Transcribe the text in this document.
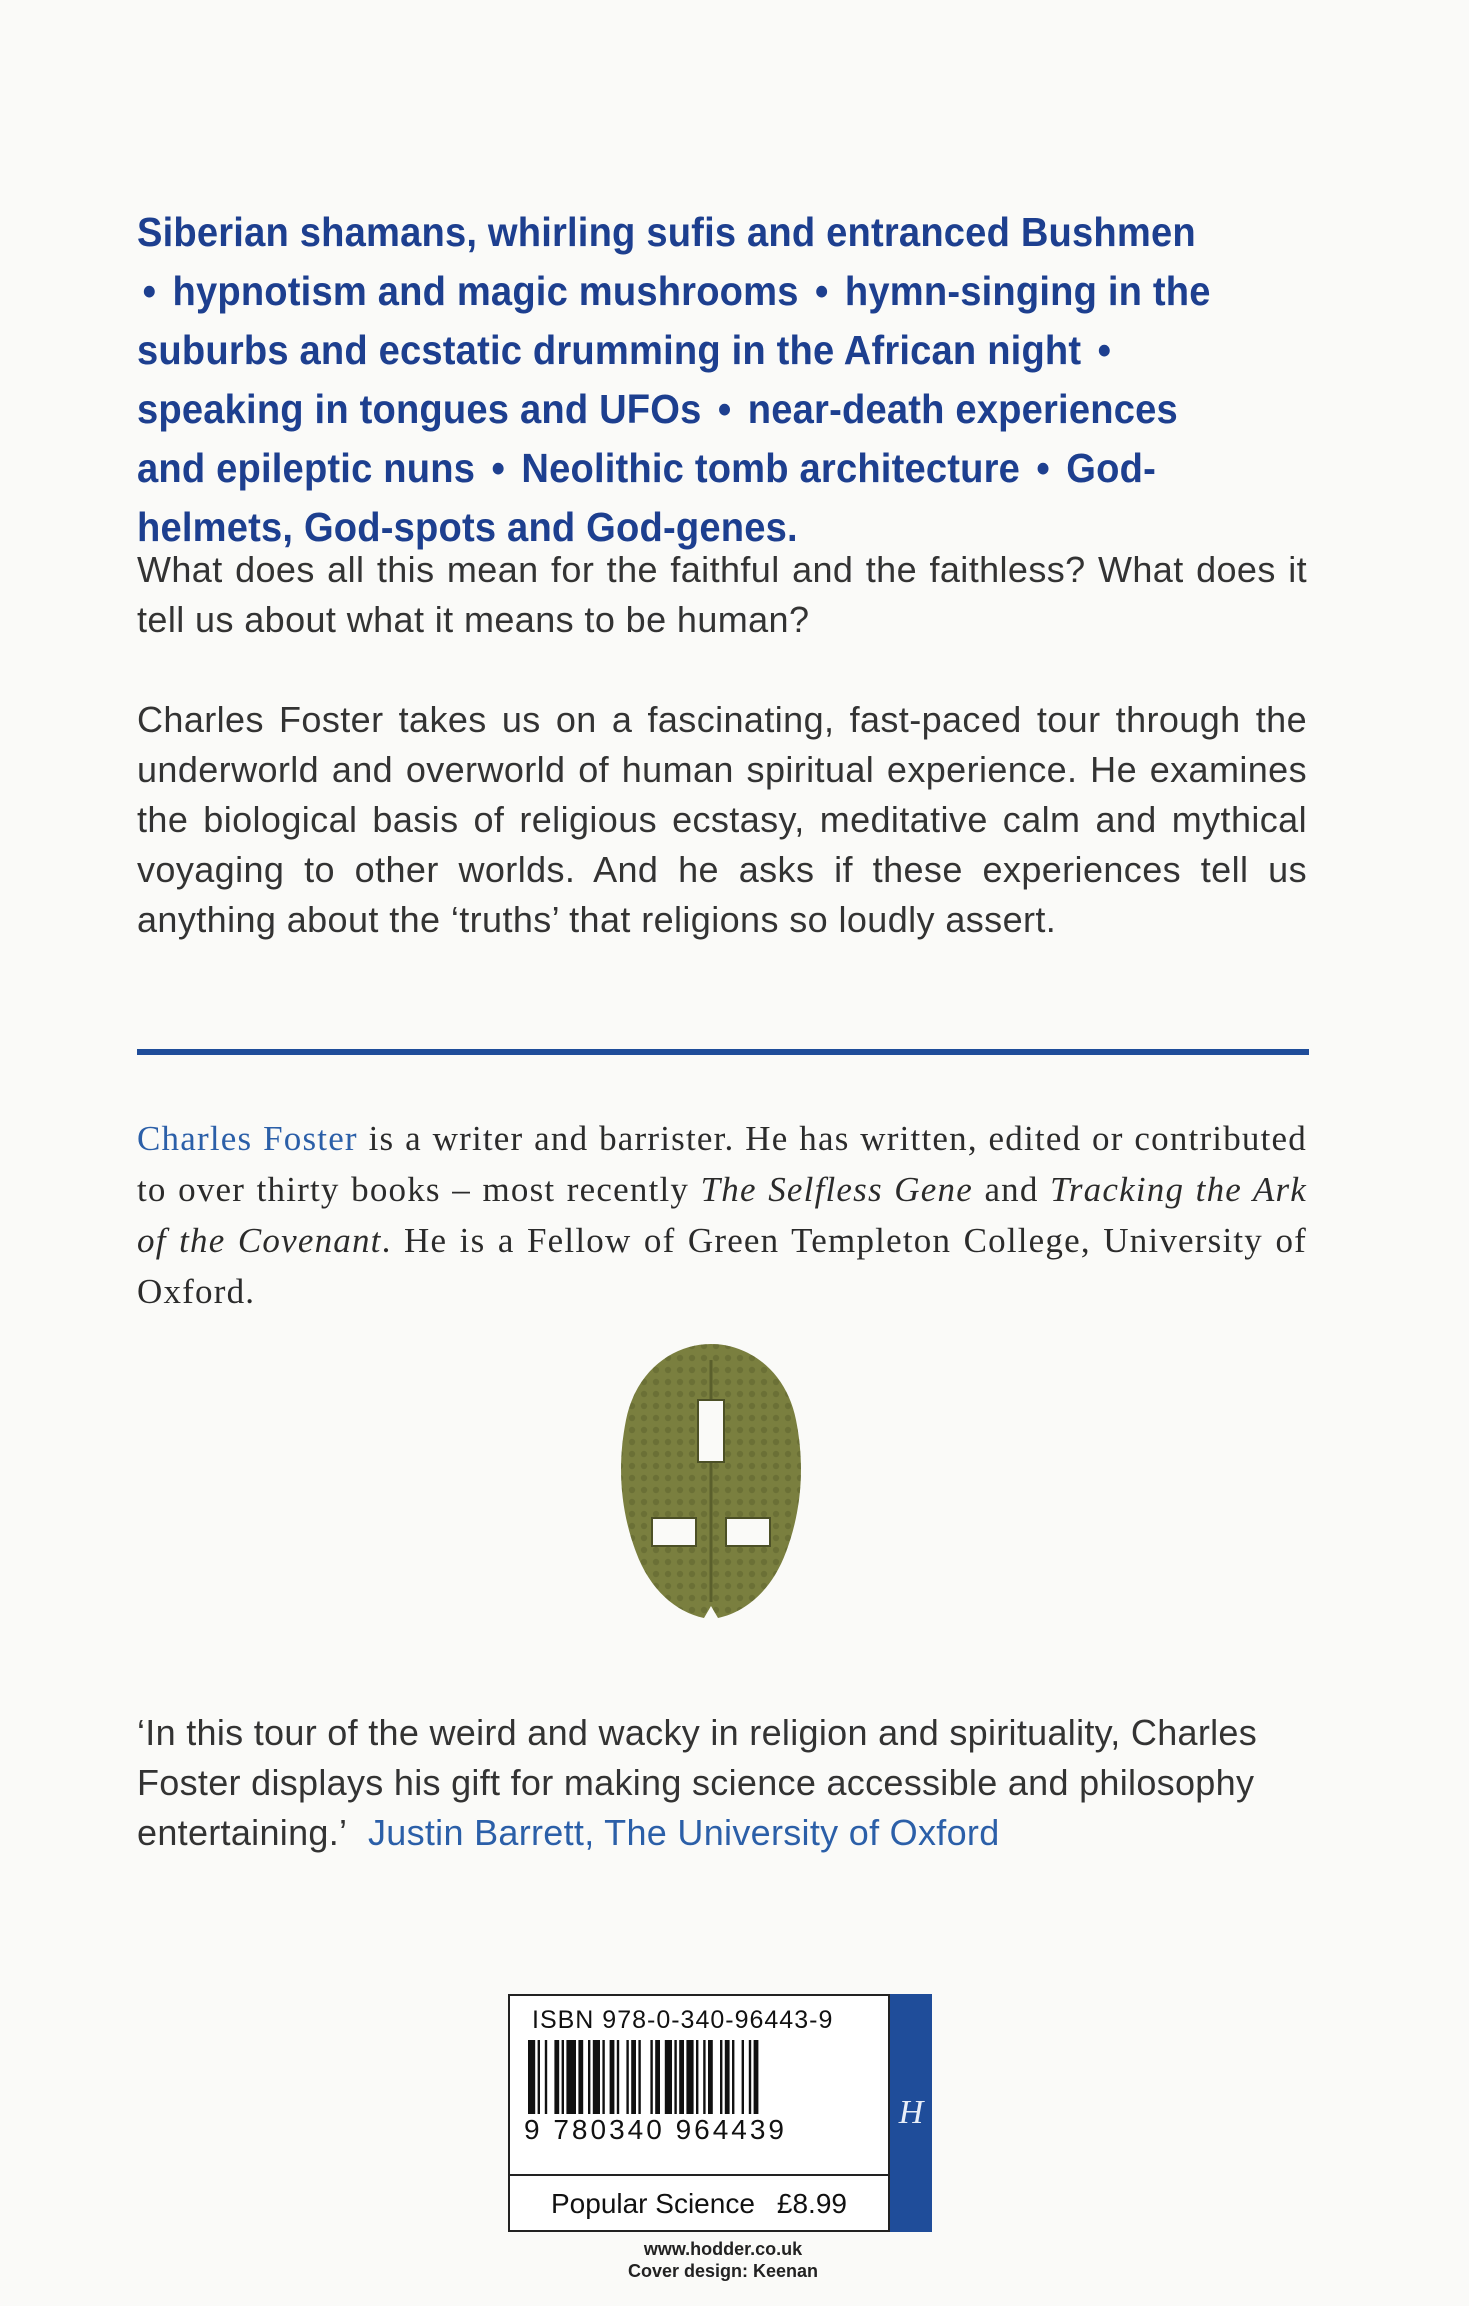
Siberian shamans, whirling sufis and entranced Bushmen • hypnotism and magic mushrooms • hymn-singing in the suburbs and ecstatic drumming in the African night • speaking in tongues and UFOs • near-death experiences and epileptic nuns • Neolithic tomb architecture • God-helmets, God-spots and God-genes.
What does all this mean for the faithful and the faithless? What does it tell us about what it means to be human?
Charles Foster takes us on a fascinating, fast-paced tour through the underworld and overworld of human spiritual experience. He examines the biological basis of religious ecstasy, meditative calm and mythical voyaging to other worlds. And he asks if these experiences tell us anything about the ‘truths’ that religions so loudly assert.
Charles Foster is a writer and barrister. He has written, edited or contributed to over thirty books – most recently The Selfless Gene and Tracking the Ark of the Covenant. He is a Fellow of Green Templeton College, University of Oxford.
‘In this tour of the weird and wacky in religion and spirituality, Charles Foster displays his gift for making science accessible and philosophy entertaining.’ Justin Barrett, The University of Oxford
ISBN 978-0-340-96443-9
9 780340 964439
Popular Science £8.99
H
www.hodder.co.uk
Cover design: Keenan
